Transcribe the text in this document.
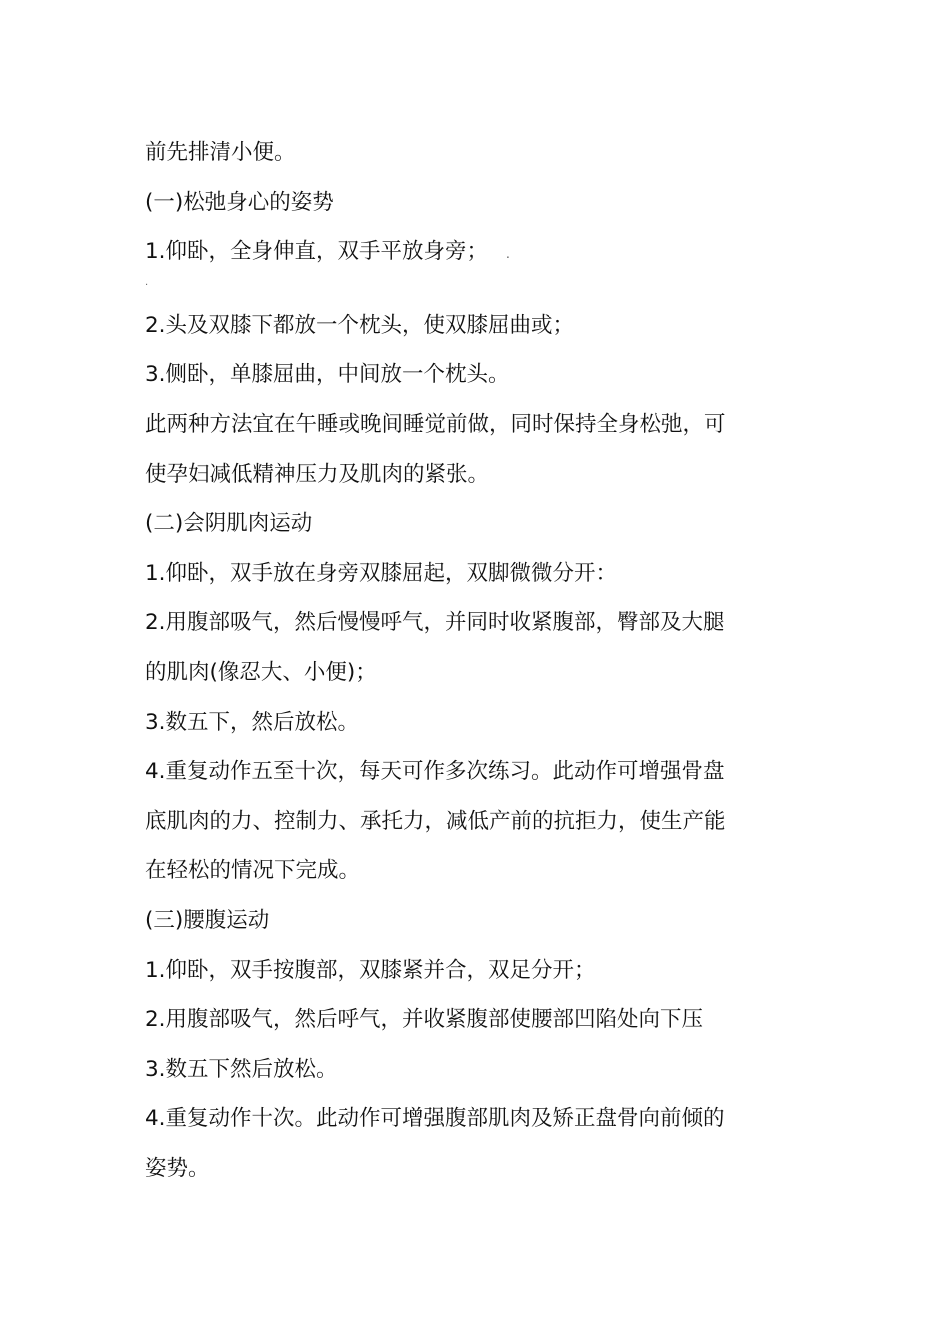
前先排清小便。
(一)松弛身心的姿势
1.仰卧，全身伸直，双手平放身旁； .
.
2.头及双膝下都放一个枕头，使双膝屈曲或；
3.侧卧，单膝屈曲，中间放一个枕头。
此两种方法宜在午睡或晚间睡觉前做，同时保持全身松弛，可
使孕妇减低精神压力及肌肉的紧张。
(二)会阴肌肉运动
1.仰卧，双手放在身旁双膝屈起，双脚微微分开：
2.用腹部吸气，然后慢慢呼气，并同时收紧腹部，臀部及大腿
的肌肉(像忍大、小便)；
3.数五下，然后放松。
4.重复动作五至十次，每天可作多次练习。此动作可增强骨盘
底肌肉的力、控制力、承托力，减低产前的抗拒力，使生产能
在轻松的情况下完成。
(三)腰腹运动
1.仰卧，双手按腹部，双膝紧并合，双足分开；
2.用腹部吸气，然后呼气，并收紧腹部使腰部凹陷处向下压
3.数五下然后放松。
4.重复动作十次。此动作可增强腹部肌肉及矫正盘骨向前倾的
姿势。
